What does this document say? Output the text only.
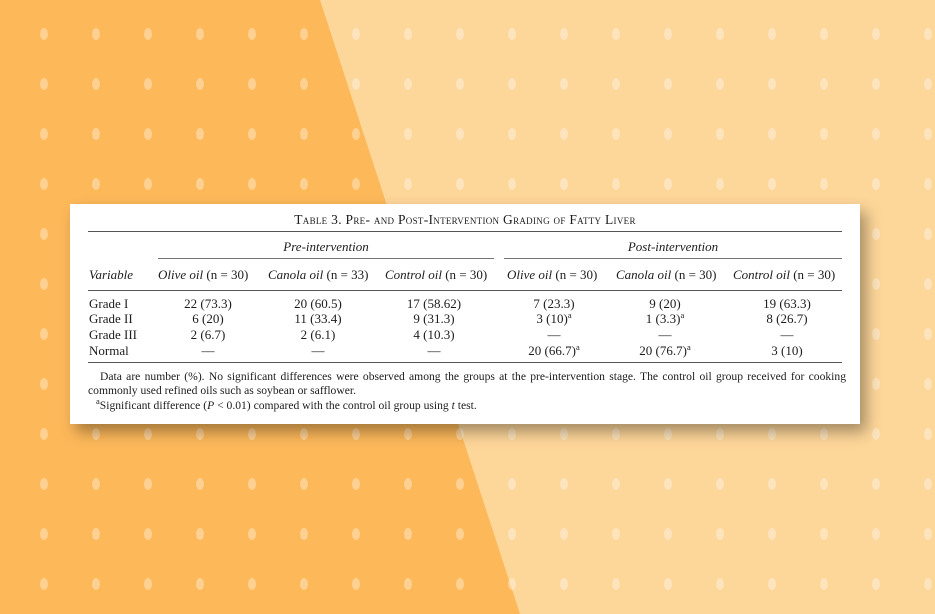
Table 3. Pre- and Post-Intervention Grading of Fatty Liver
Pre-intervention	Post-intervention
Variable Olive oil (n = 30) Canola oil (n = 33) Control oil (n = 30) Olive oil (n = 30) Canola oil (n = 30) Control oil (n = 30)
Grade I	22 (73.3)	20 (60.5)	17 (58.62)	7 (23.3)	9 (20)	19 (63.3)
Grade II	6 (20)	11 (33.4)	9 (31.3)	3 $(10)^a$	1 $(3.3)^a$	8 (26.7)
Grade III	2 (6.7)	2 (6.1)	4 (10.3)	—	—	—
Normal	—	—	—	20 $(66.7)^a$	20 $(76.7)^a$	3 (10)
Data are number (%). No significant differences were observed among the groups at the pre-intervention stage. The control oil group received for cooking commonly used refined oils such as soybean or safflower.
$^a$Significant difference (P < 0.01) compared with the control oil group using t test.
